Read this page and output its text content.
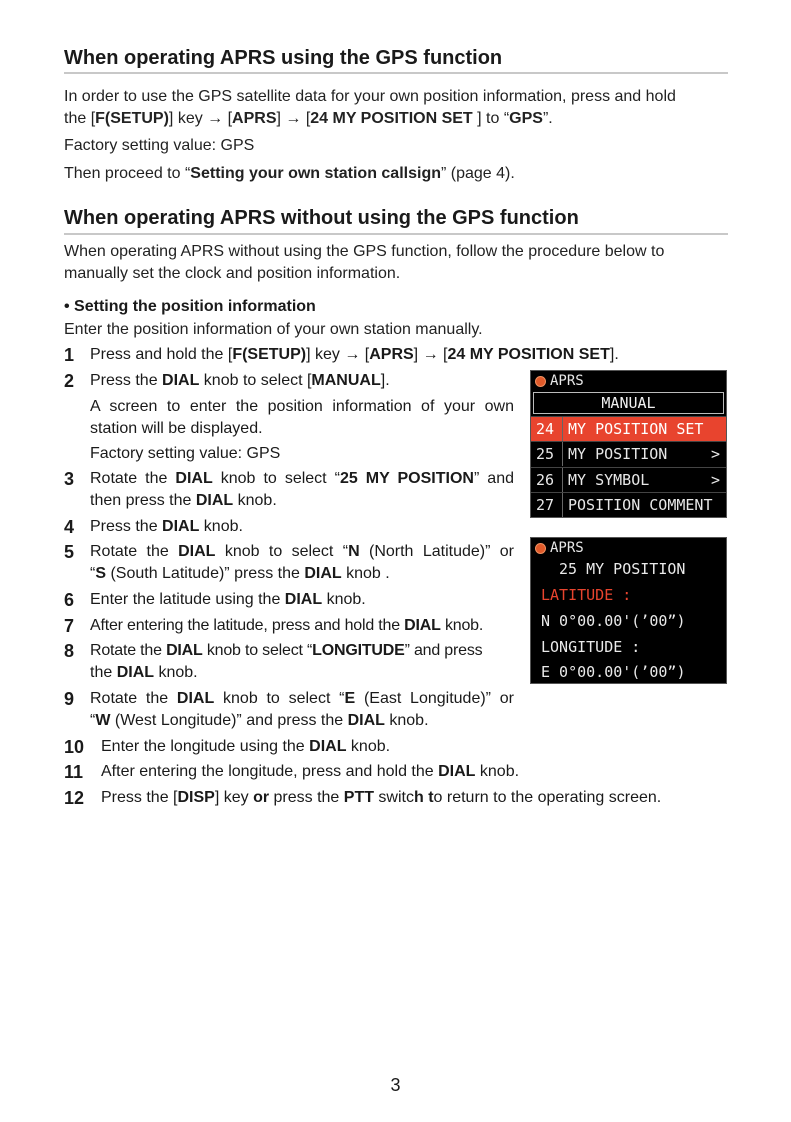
When operating APRS using the GPS function

In order to use the GPS satellite data for your own position information, press and hold
the [F(SETUP)] key → [APRS] → [24 MY POSITION SET ] to “GPS”.

Factory setting value: GPS

Then proceed to “Setting your own station callsign” (page 4).

When operating APRS without using the GPS function

When operating APRS without using the GPS function, follow the procedure below to
manually set the clock and position information.

• Setting the position information

Enter the position information of your own station manually.

1 Press and hold the [F(SETUP)] key → [APRS] → [24 MY POSITION SET].
2 Press the DIAL knob to select [MANUAL].
A screen to enter the position information of your own
station will be displayed.
Factory setting value: GPS
3 Rotate the DIAL knob to select “25 MY POSITION” and
then press the DIAL knob.
4 Press the DIAL knob.
5 Rotate the DIAL knob to select “N (North Latitude)” or
“S (South Latitude)” press the DIAL knob .
6 Enter the latitude using the DIAL knob.
7 After entering the latitude, press and hold the DIAL knob.
8 Rotate the DIAL knob to select “LONGITUDE” and press
the DIAL knob.
9 Rotate the DIAL knob to select “E (East Longitude)” or
“W (West Longitude)” and press the DIAL knob.
10 Enter the longitude using the DIAL knob.
11 After entering the longitude, press and hold the DIAL knob.
12 Press the [DISP] key or press the PTT switch to return to the operating screen.
APRS
MANUAL
24 MY POSITION SET
25 MY POSITION	>
26 MY SYMBOL	>
27 POSITION COMMENT
APRS
25 MY POSITION
LATITUDE :
N 0°00.00'(’00”)
LONGITUDE :
E 0°00.00'(’00”)
3
